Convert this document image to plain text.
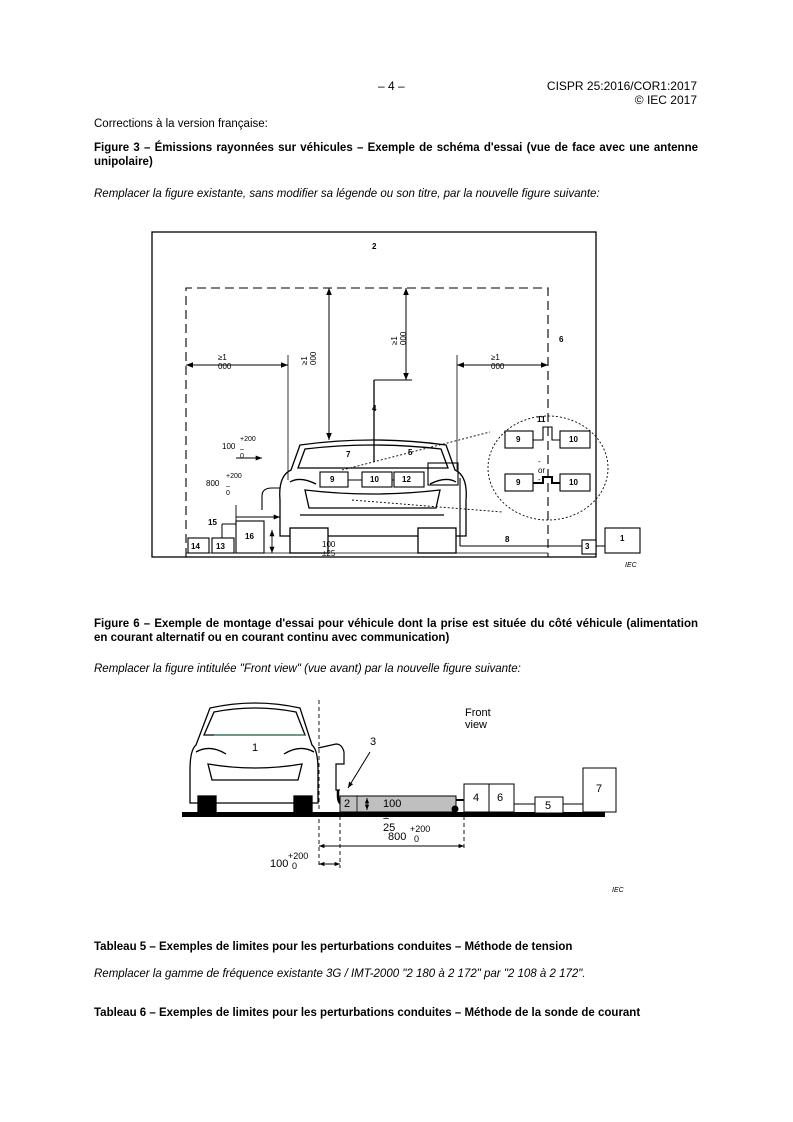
– 4 –	CISPR 25:2016/COR1:2017
© IEC 2017
Corrections à la version française:
Figure 3 – Émissions rayonnées sur véhicules – Exemple de schéma d'essai (vue de face avec une antenne unipolaire)
Remplacer la figure existante, sans modifier sa légende ou son titre, par la nouvelle figure suivante:
2
6
4
7	5
9	10	12
11
9	10
9	10
- or -
15
16
13
14
8
3
1
≥1 000
≥1 000
≥1 000
≥1 000
100
+200
–0
800
+200
–0
100 ±25
IEC
Figure 6 – Exemple de montage d'essai pour véhicule dont la prise est située du côté véhicule (alimentation en courant alternatif ou en courant continu avec communication)
Remplacer la figure intitulée "Front view" (vue avant) par la nouvelle figure suivante:
Front view
1	3
2	100 ± 25
4 6
5
7
800
+200
0
100
+200
0
IEC
Tableau 5 – Exemples de limites pour les perturbations conduites – Méthode de tension
Remplacer la gamme de fréquence existante 3G / IMT-2000 "2 180 à 2 172" par "2 108 à 2 172".
Tableau 6 – Exemples de limites pour les perturbations conduites – Méthode de la sonde de courant
